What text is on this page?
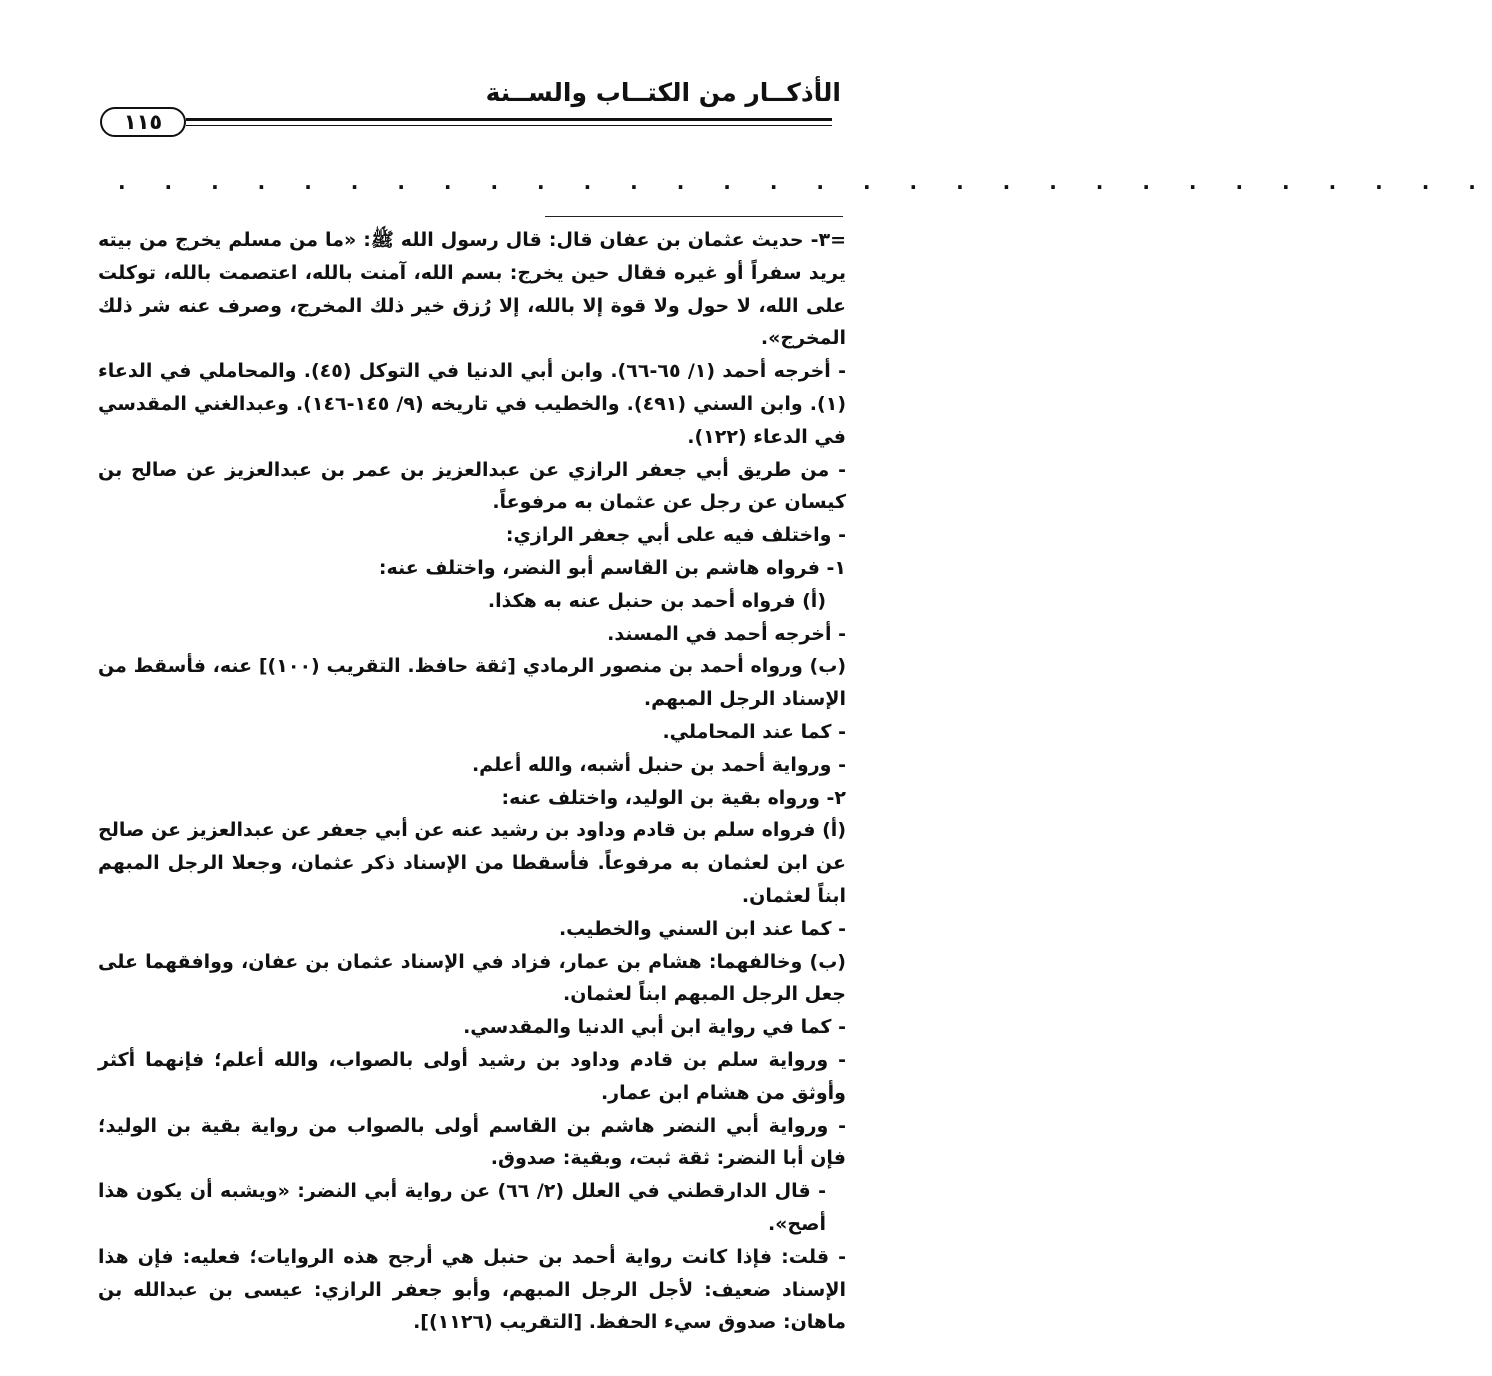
الأذكــار من الكتــاب والســنة
١١٥
. . . . . . . . . . . . . . . . . . . . . . . . . . . . . .

=٣- حديث عثمان بن عفان قال: قال رسول الله ﷺ: «ما من مسلم يخرج من بيته يريد سفراً أو غيره فقال حين يخرج: بسم الله، آمنت بالله، اعتصمت بالله، توكلت على الله، لا حول ولا قوة إلا بالله، إلا رُزق خير ذلك المخرج، وصرف عنه شر ذلك المخرج».

- أخرجه أحمد (١/ ٦٥-٦٦). وابن أبي الدنيا في التوكل (٤٥). والمحاملي في الدعاء (١). وابن السني (٤٩١). والخطيب في تاريخه (٩/ ١٤٥-١٤٦). وعبدالغني المقدسي في الدعاء (١٢٢).

- من طريق أبي جعفر الرازي عن عبدالعزيز بن عمر بن عبدالعزيز عن صالح بن كيسان عن رجل عن عثمان به مرفوعاً.

- واختلف فيه على أبي جعفر الرازي:

١- فرواه هاشم بن القاسم أبو النضر، واختلف عنه:

(أ) فرواه أحمد بن حنبل عنه به هكذا.

- أخرجه أحمد في المسند.

(ب) ورواه أحمد بن منصور الرمادي [ثقة حافظ. التقريب (١٠٠)] عنه، فأسقط من الإسناد الرجل المبهم.

- كما عند المحاملي.

- ورواية أحمد بن حنبل أشبه، والله أعلم.

٢- ورواه بقية بن الوليد، واختلف عنه:

(أ) فرواه سلم بن قادم وداود بن رشيد عنه عن أبي جعفر عن عبدالعزيز عن صالح عن ابن لعثمان به مرفوعاً. فأسقطا من الإسناد ذكر عثمان، وجعلا الرجل المبهم ابناً لعثمان.

- كما عند ابن السني والخطيب.

(ب) وخالفهما: هشام بن عمار، فزاد في الإسناد عثمان بن عفان، ووافقهما على جعل الرجل المبهم ابناً لعثمان.

- كما في رواية ابن أبي الدنيا والمقدسي.

- ورواية سلم بن قادم وداود بن رشيد أولى بالصواب، والله أعلم؛ فإنهما أكثر وأوثق من هشام ابن عمار.

- ورواية أبي النضر هاشم بن القاسم أولى بالصواب من رواية بقية بن الوليد؛ فإن أبا النضر: ثقة ثبت، وبقية: صدوق.

- قال الدارقطني في العلل (٢/ ٦٦) عن رواية أبي النضر: «ويشبه أن يكون هذا أصح».

- قلت: فإذا كانت رواية أحمد بن حنبل هي أرجح هذه الروايات؛ فعليه: فإن هذا الإسناد ضعيف: لأجل الرجل المبهم، وأبو جعفر الرازي: عيسى بن عبدالله بن ماهان: صدوق سيء الحفظ. [التقريب (١١٢٦)].
